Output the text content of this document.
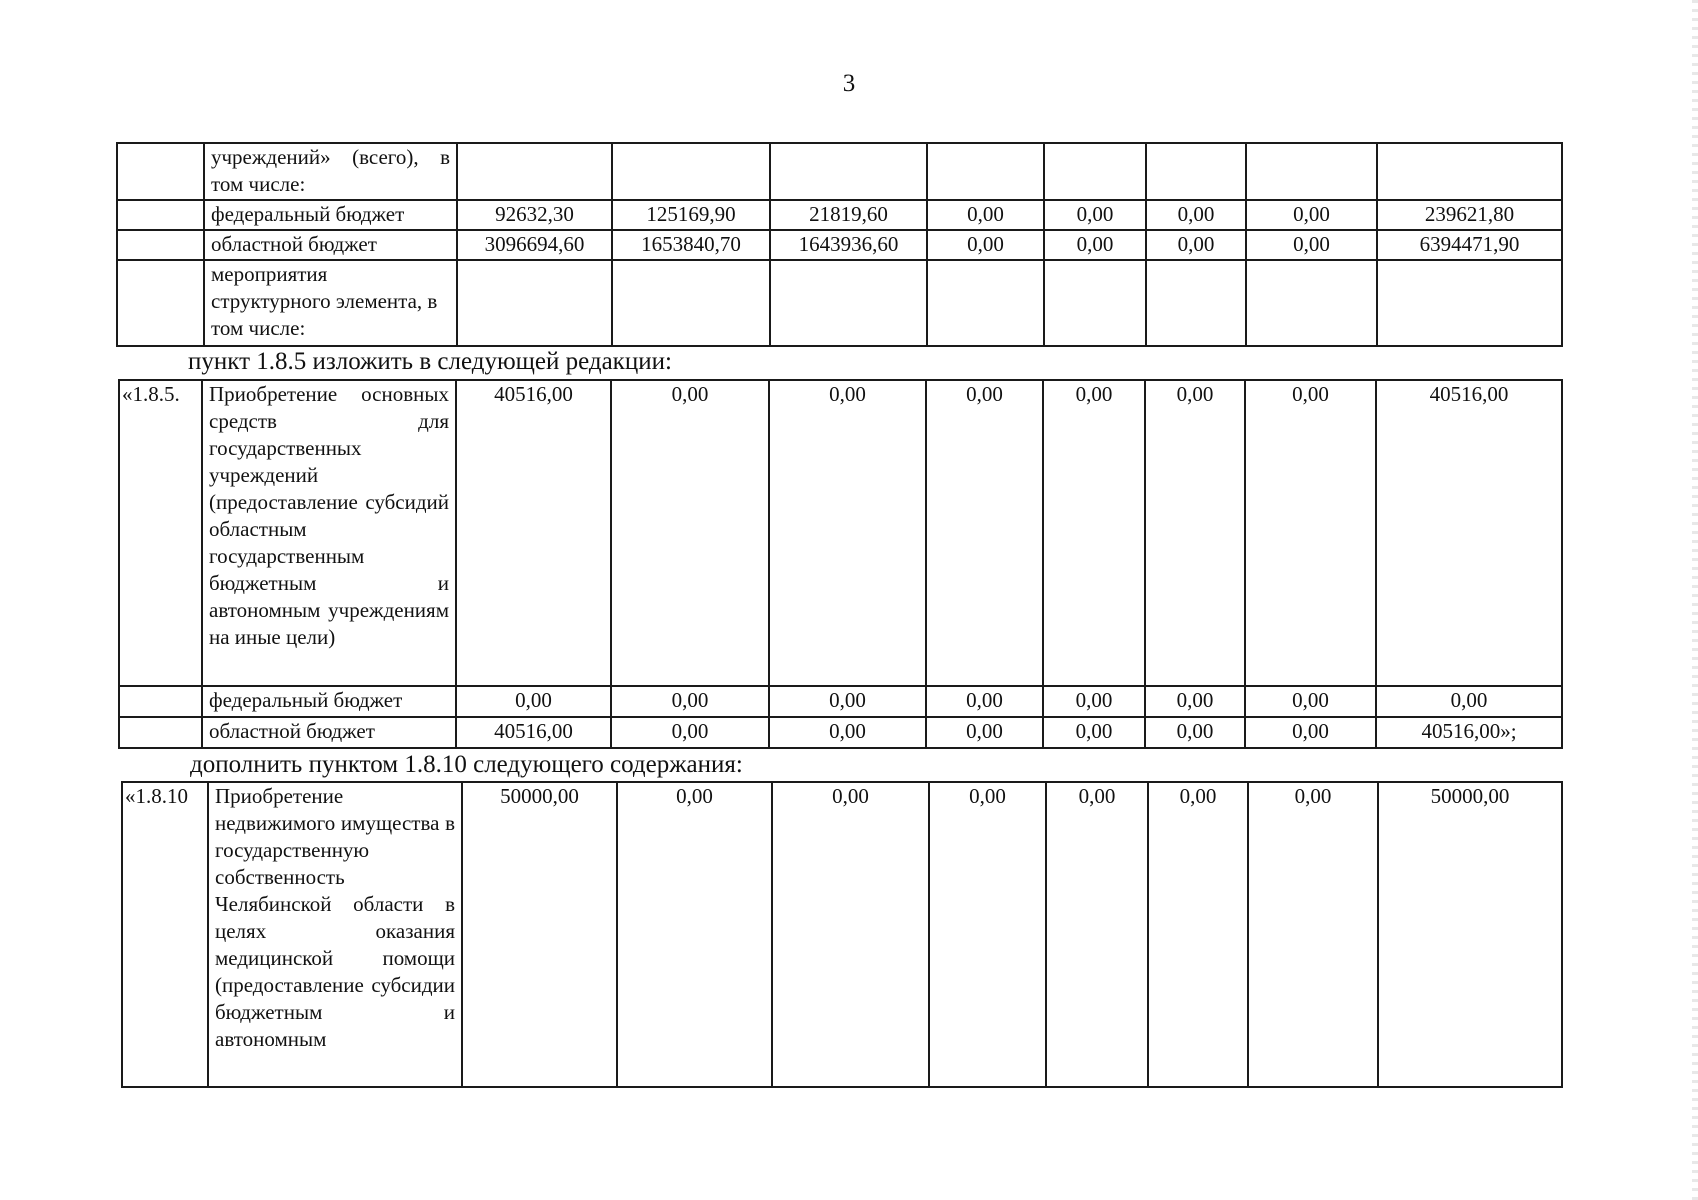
3
	учреждений» (всего), в том числе:								
	федеральный бюджет	92632,30	125169,90	21819,60	0,00	0,00	0,00	0,00	239621,80
	областной бюджет	3096694,60	1653840,70	1643936,60	0,00	0,00	0,00	0,00	6394471,90
	мероприятия структурного элемента, в том числе:								
пункт 1.8.5 изложить в следующей редакции:
«1.8.5.	Приобретение основных средств для государственных учреждений (предоставление субсидий областным государственным бюджетным и автономным учреждениям на иные цели)	40516,00	0,00	0,00	0,00	0,00	0,00	0,00	40516,00
	федеральный бюджет	0,00	0,00	0,00	0,00	0,00	0,00	0,00	0,00
	областной бюджет	40516,00	0,00	0,00	0,00	0,00	0,00	0,00	40516,00»;
дополнить пунктом 1.8.10 следующего содержания:
«1.8.10	Приобретение недвижимого имущества в государственную собственность Челябинской области в целях оказания медицинской помощи (предоставление субсидии бюджетным и автономным	50000,00	0,00	0,00	0,00	0,00	0,00	0,00	50000,00
